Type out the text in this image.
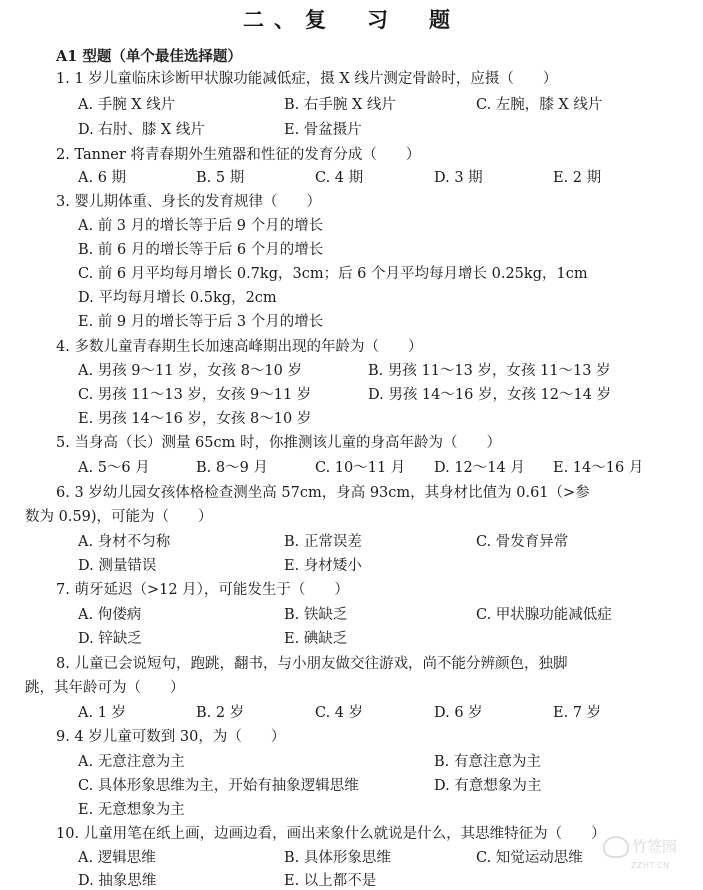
二、复　习　题
A1 型题（单个最佳选择题）
1. 1 岁儿童临床诊断甲状腺功能减低症，摄 X 线片测定骨龄时，应摄（　　）
A. 手腕 X 线片	B. 右手腕 X 线片	C. 左腕，膝 X 线片
D. 右肘、膝 X 线片	E. 骨盆摄片
2. Tanner 将青春期外生殖器和性征的发育分成（　　）
A. 6 期	B. 5 期	C. 4 期	D. 3 期	E. 2 期
3. 婴儿期体重、身长的发育规律（　　）
A. 前 3 月的增长等于后 9 个月的增长
B. 前 6 月的增长等于后 6 个月的增长
C. 前 6 月平均每月增长 0.7kg，3cm；后 6 个月平均每月增长 0.25kg，1cm
D. 平均每月增长 0.5kg，2cm
E. 前 9 月的增长等于后 3 个月的增长
4. 多数儿童青春期生长加速高峰期出现的年龄为（　　）
A. 男孩 9～11 岁，女孩 8～10 岁	B. 男孩 11～13 岁，女孩 11～13 岁
C. 男孩 11～13 岁，女孩 9～11 岁	D. 男孩 14～16 岁，女孩 12～14 岁
E. 男孩 14～16 岁，女孩 8～10 岁
5. 当身高（长）测量 65cm 时，你推测该儿童的身高年龄为（　　）
A. 5～6 月	B. 8～9 月	C. 10～11 月 D. 12～14 月 E. 14～16 月
6. 3 岁幼儿园女孩体格检查测坐高 57cm，身高 93cm，其身材比值为 0.61（>参
数为 0.59)，可能为（　　）
A. 身材不匀称	B. 正常误差	C. 骨发育异常
D. 测量错误	E. 身材矮小
7. 萌牙延迟（>12 月），可能发生于（　　）
A. 佝偻病	B. 铁缺乏	C. 甲状腺功能减低症
D. 锌缺乏	E. 碘缺乏
8. 儿童已会说短句，跑跳，翻书，与小朋友做交往游戏，尚不能分辨颜色，独脚
跳，其年龄可为（　　）
A. 1 岁	B. 2 岁	C. 4 岁	D. 6 岁	E. 7 岁
9. 4 岁儿童可数到 30，为（　　）
A. 无意注意为主	B. 有意注意为主
C. 具体形象思维为主，开始有抽象逻辑思维	D. 有意想象为主
E. 无意想象为主
10. 儿童用笔在纸上画，边画边看，画出来象什么就说是什么，其思维特征为（　　）
A. 逻辑思维	B. 具体形象思维	C. 知觉运动思维
D. 抽象思维	E. 以上都不是
竹签园
ZZHT.CN
